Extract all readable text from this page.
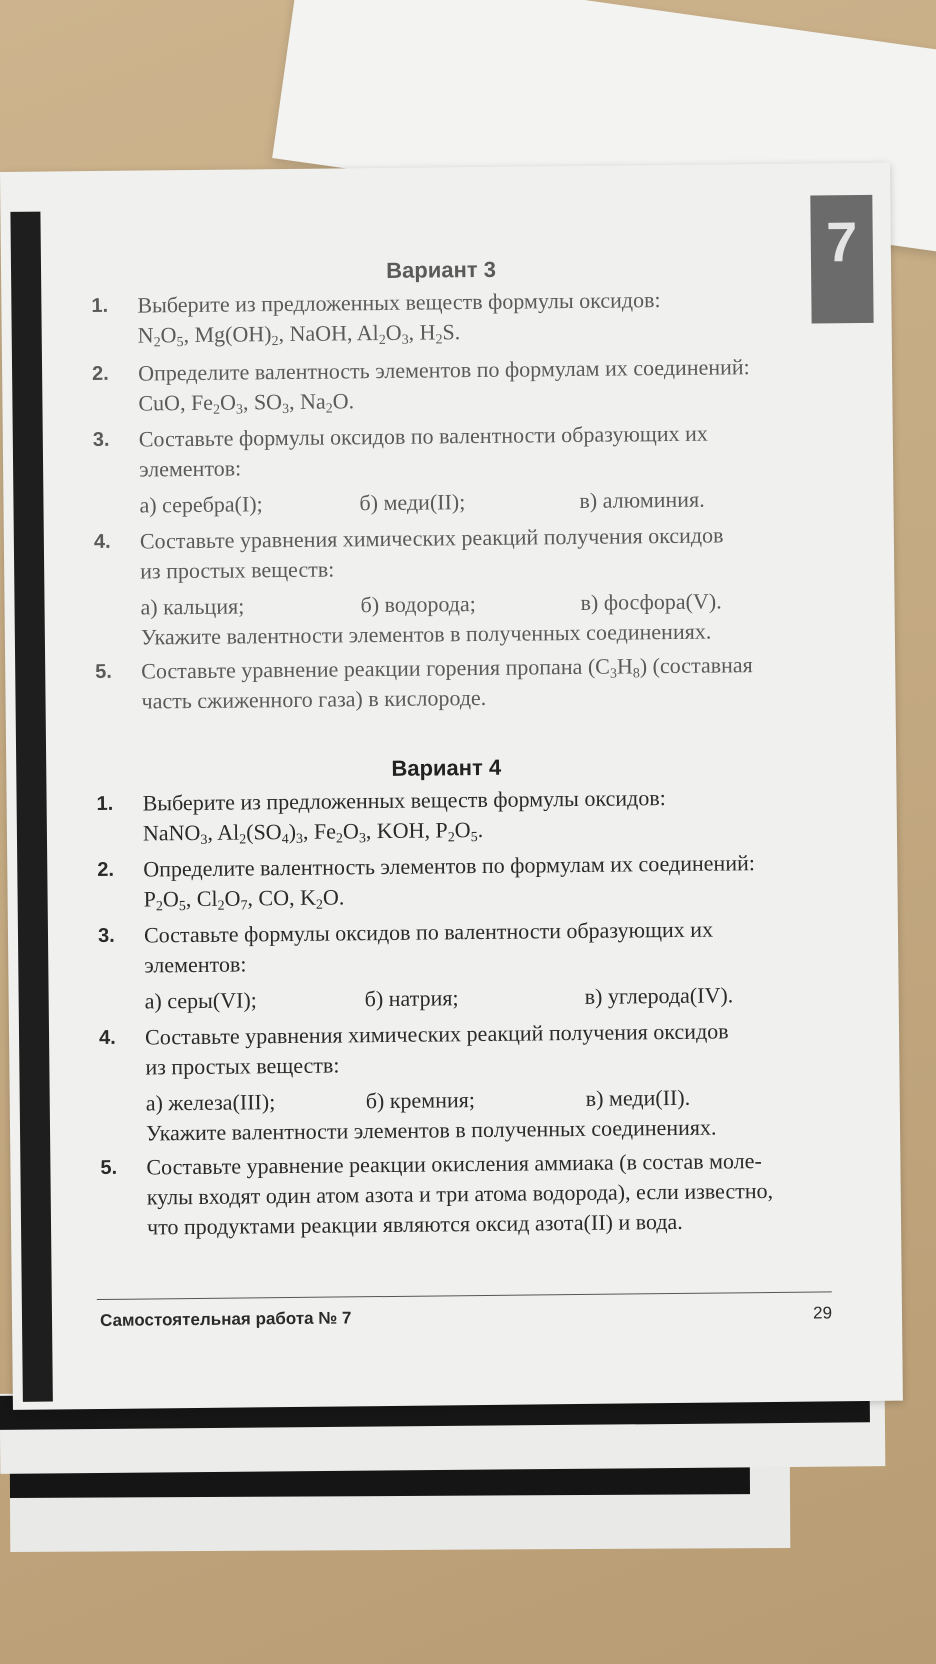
7
Вариант 3
1.	Выберите из предложенных веществ формулы оксидов:
$N_2O_5$, $Mg(OH)_2$, NaOH, $Al_2O_3$, $H_2S$.
2.	Определите валентность элементов по формулам их соединений:
CuO, $Fe_2O_3$, $SO_3$, $Na_2O$.
3.	Составьте формулы оксидов по валентности образующих их
элементов:
а) серебра(I);	б) меди(II);	в) алюминия.
4.	Составьте уравнения химических реакций получения оксидов
из простых веществ:
а) кальция;	б) водорода;	в) фосфора(V).
Укажите валентности элементов в полученных соединениях.
5.	Составьте уравнение реакции горения пропана $(C_3H_8)$ (составная
часть сжиженного газа) в кислороде.
Вариант 4
1.	Выберите из предложенных веществ формулы оксидов:
NaNO$_3$, $Al_2(SO_4)_3$, $Fe_2O_3$, KOH, $P_2O_5$.
2.	Определите валентность элементов по формулам их соединений:
$P_2O_5$, $Cl_2O_7$, CO, $K_2O$.
3.	Составьте формулы оксидов по валентности образующих их
элементов:
а) серы(VI);	б) натрия;	в) углерода(IV).
4.	Составьте уравнения химических реакций получения оксидов
из простых веществ:
а) железа(III);	б) кремния;	в) меди(II).
Укажите валентности элементов в полученных соединениях.
5.	Составьте уравнение реакции окисления аммиака (в состав моле-
кулы входят один атом азота и три атома водорода), если известно,
что продуктами реакции являются оксид азота(II) и вода.
Самостоятельная работа № 7	29
